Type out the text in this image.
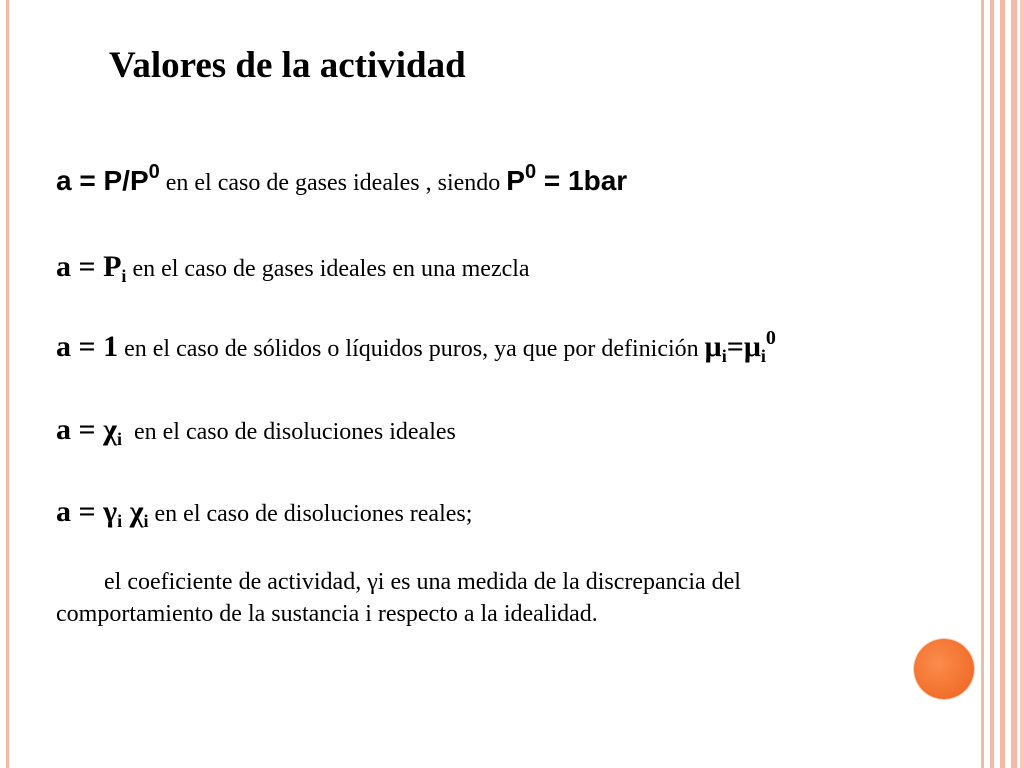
Valores de la actividad
$a = P/P^0$ en el caso de gases ideales , siendo $P^0 = 1bar$
$a = P_i$ en el caso de gases ideales en una mezcla
a = 1 en el caso de sólidos o líquidos puros, ya que por definición $\mu_i=\mu_i^0$
$a = \chi_i$  en el caso de disoluciones ideales
$a = \gamma_i$ $\chi_i$ en el caso de disoluciones reales;
el coeficiente de actividad, γi es una medida de la discrepancia del
comportamiento de la sustancia i respecto a la idealidad.
